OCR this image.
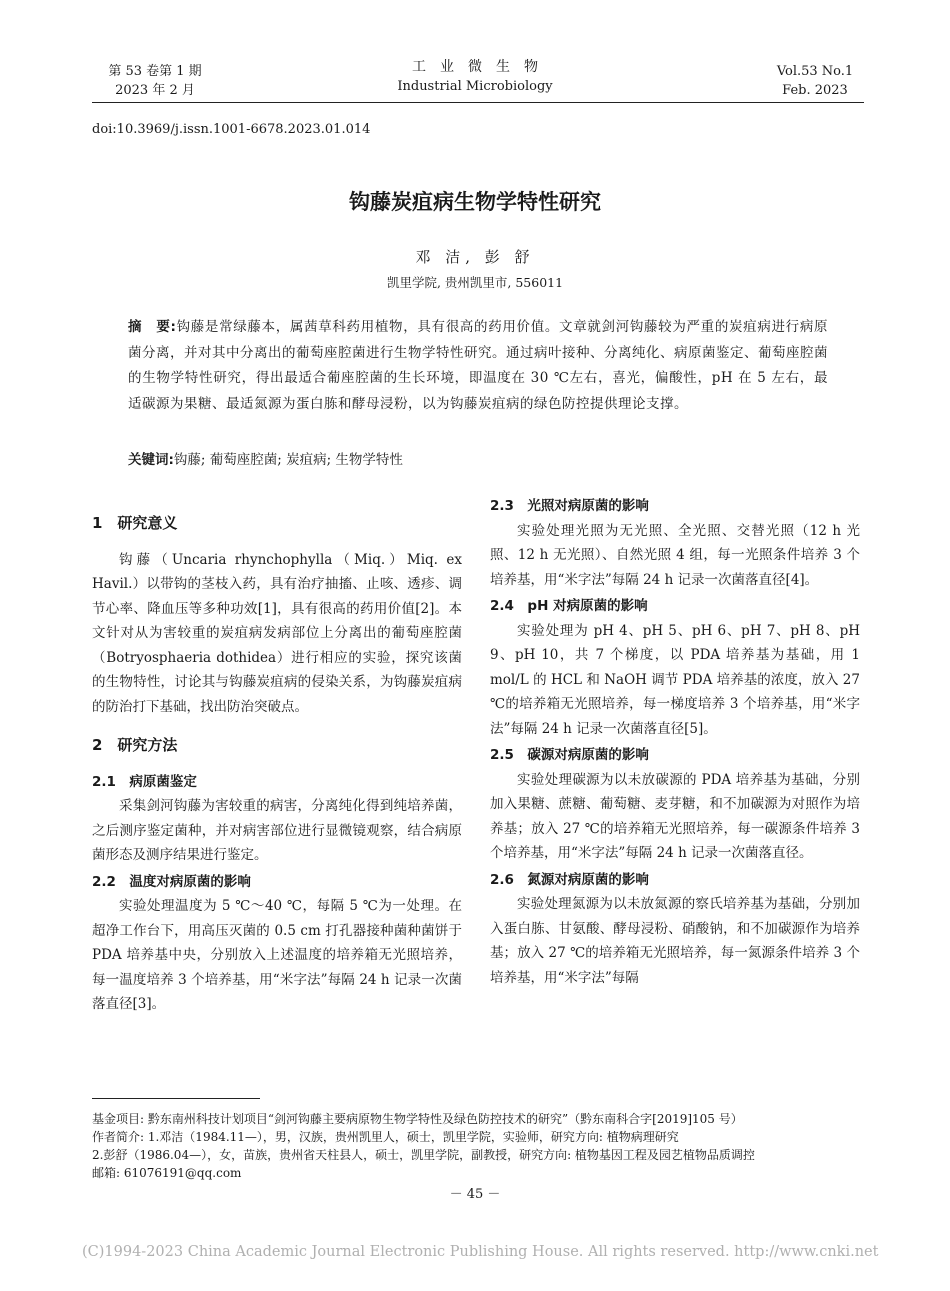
第 53 卷第 1 期
2023 年 2 月
工业微生物
Industrial Microbiology
Vol.53 No.1
Feb. 2023
doi:10.3969/j.issn.1001-6678.2023.01.014
钩藤炭疽病生物学特性研究
邓 洁, 彭 舒
凯里学院, 贵州凯里市, 556011
摘　要:钩藤是常绿藤本，属茜草科药用植物，具有很高的药用价值。文章就剑河钩藤较为严重的炭疽病进行病原菌分离，并对其中分离出的葡萄座腔菌进行生物学特性研究。通过病叶接种、分离纯化、病原菌鉴定、葡萄座腔菌的生物学特性研究，得出最适合葡座腔菌的生长环境，即温度在 30 ℃左右，喜光，偏酸性，pH 在 5 左右，最适碳源为果糖、最适氮源为蛋白胨和酵母浸粉，以为钩藤炭疽病的绿色防控提供理论支撑。
关键词:钩藤; 葡萄座腔菌; 炭疽病; 生物学特性
1　研究意义

钩藤（Uncaria rhynchophylla（Miq.）Miq. ex Havil.）以带钩的茎枝入药，具有治疗抽搐、止咳、透疹、调节心率、降血压等多种功效[1]，具有很高的药用价值[2]。本文针对从为害较重的炭疽病发病部位上分离出的葡萄座腔菌（Botryosphaeria dothidea）进行相应的实验，探究该菌的生物特性，讨论其与钩藤炭疽病的侵染关系，为钩藤炭疽病的防治打下基础，找出防治突破点。

2　研究方法
2.1　病原菌鉴定

采集剑河钩藤为害较重的病害，分离纯化得到纯培养菌，之后测序鉴定菌种，并对病害部位进行显微镜观察，结合病原菌形态及测序结果进行鉴定。

2.2　温度对病原菌的影响

实验处理温度为 5 ℃～40 ℃，每隔 5 ℃为一处理。在超净工作台下，用高压灭菌的 0.5 cm 打孔器接种菌种菌饼于 PDA 培养基中央，分别放入上述温度的培养箱无光照培养，每一温度培养 3 个培养基，用“米字法”每隔 24 h 记录一次菌落直径[3]。

2.3　光照对病原菌的影响

实验处理光照为无光照、全光照、交替光照（12 h 光照、12 h 无光照）、自然光照 4 组，每一光照条件培养 3 个培养基，用“米字法”每隔 24 h 记录一次菌落直径[4]。

2.4　pH 对病原菌的影响

实验处理为 pH 4、pH 5、pH 6、pH 7、pH 8、pH 9、pH 10，共 7 个梯度，以 PDA 培养基为基础，用 1 mol/L 的 HCL 和 NaOH 调节 PDA 培养基的浓度，放入 27 ℃的培养箱无光照培养，每一梯度培养 3 个培养基，用“米字法”每隔 24 h 记录一次菌落直径[5]。

2.5　碳源对病原菌的影响

实验处理碳源为以未放碳源的 PDA 培养基为基础，分别加入果糖、蔗糖、葡萄糖、麦芽糖，和不加碳源为对照作为培养基；放入 27 ℃的培养箱无光照培养，每一碳源条件培养 3 个培养基，用“米字法”每隔 24 h 记录一次菌落直径。

2.6　氮源对病原菌的影响

实验处理氮源为以未放氮源的察氏培养基为基础，分别加入蛋白胨、甘氨酸、酵母浸粉、硝酸钠，和不加碳源作为培养基；放入 27 ℃的培养箱无光照培养，每一氮源条件培养 3 个培养基，用“米字法”每隔

基金项目: 黔东南州科技计划项目“剑河钩藤主要病原物生物学特性及绿色防控技术的研究”（黔东南科合字[2019]105 号）
作者简介: 1.邓洁（1984.11—），男，汉族，贵州凯里人，硕士，凯里学院，实验师，研究方向: 植物病理研究
2.彭舒（1986.04—），女，苗族，贵州省天柱县人，硕士，凯里学院，副教授，研究方向: 植物基因工程及园艺植物品质调控
邮箱: 61076191@qq.com
－ 45 －
(C)1994-2023 China Academic Journal Electronic Publishing House. All rights reserved. http://www.cnki.net
